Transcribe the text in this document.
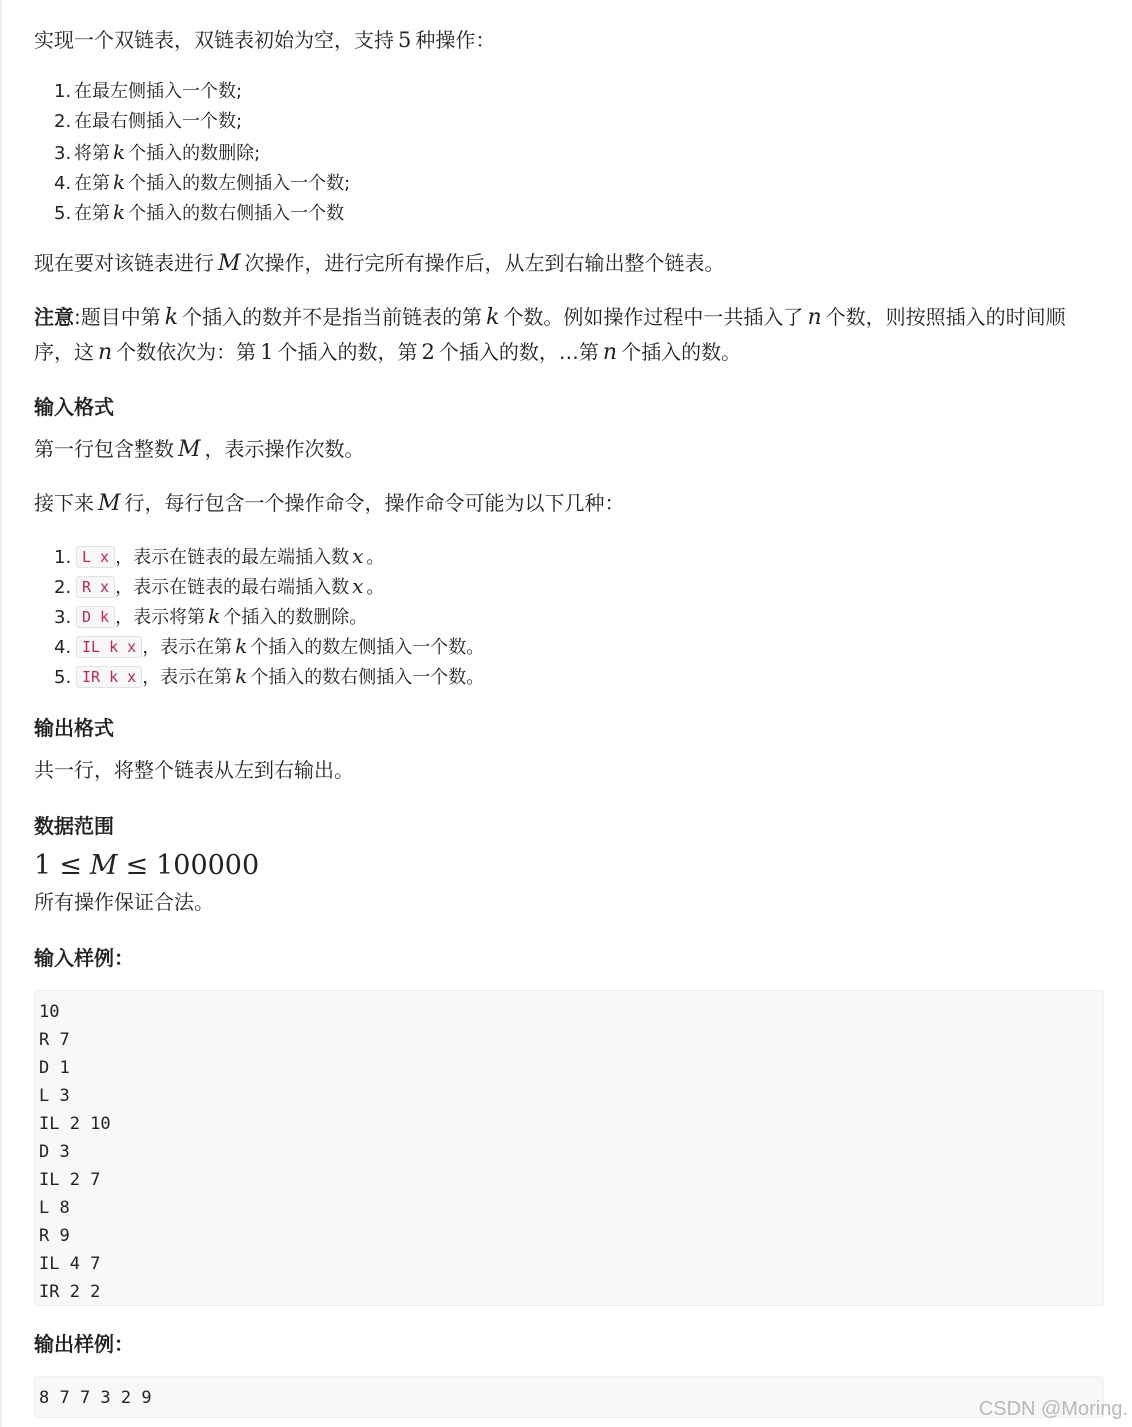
实现一个双链表，双链表初始为空，支持 5 种操作：
1. 在最左侧插入一个数;
2. 在最右侧插入一个数;
3. 将第 k 个插入的数删除;
4. 在第 k 个插入的数左侧插入一个数;
5. 在第 k 个插入的数右侧插入一个数
现在要对该链表进行 M 次操作，进行完所有操作后，从左到右输出整个链表。
注意:题目中第 k 个插入的数并不是指当前链表的第 k 个数。例如操作过程中一共插入了 n 个数，则按照插入的时间顺序，这 n 个数依次为：第 1 个插入的数，第 2 个插入的数，…第 n 个插入的数。
输入格式
第一行包含整数 M ，表示操作次数。
接下来 M 行，每行包含一个操作命令，操作命令可能为以下几种：
1. L x ，表示在链表的最左端插入数 x 。
2. R x ，表示在链表的最右端插入数 x 。
3. D k ，表示将第 k 个插入的数删除。
4. IL k x ，表示在第 k 个插入的数左侧插入一个数。
5. IR k x ，表示在第 k 个插入的数右侧插入一个数。
输出格式
共一行，将整个链表从左到右输出。
数据范围
1 ≤ M ≤ 100000
所有操作保证合法。
输入样例：
10
R 7
D 1
L 3
IL 2 10
D 3
IL 2 7
L 8
R 9
IL 4 7
IR 2 2
输出样例：
8 7 7 3 2 9	CSDN @Moring.
